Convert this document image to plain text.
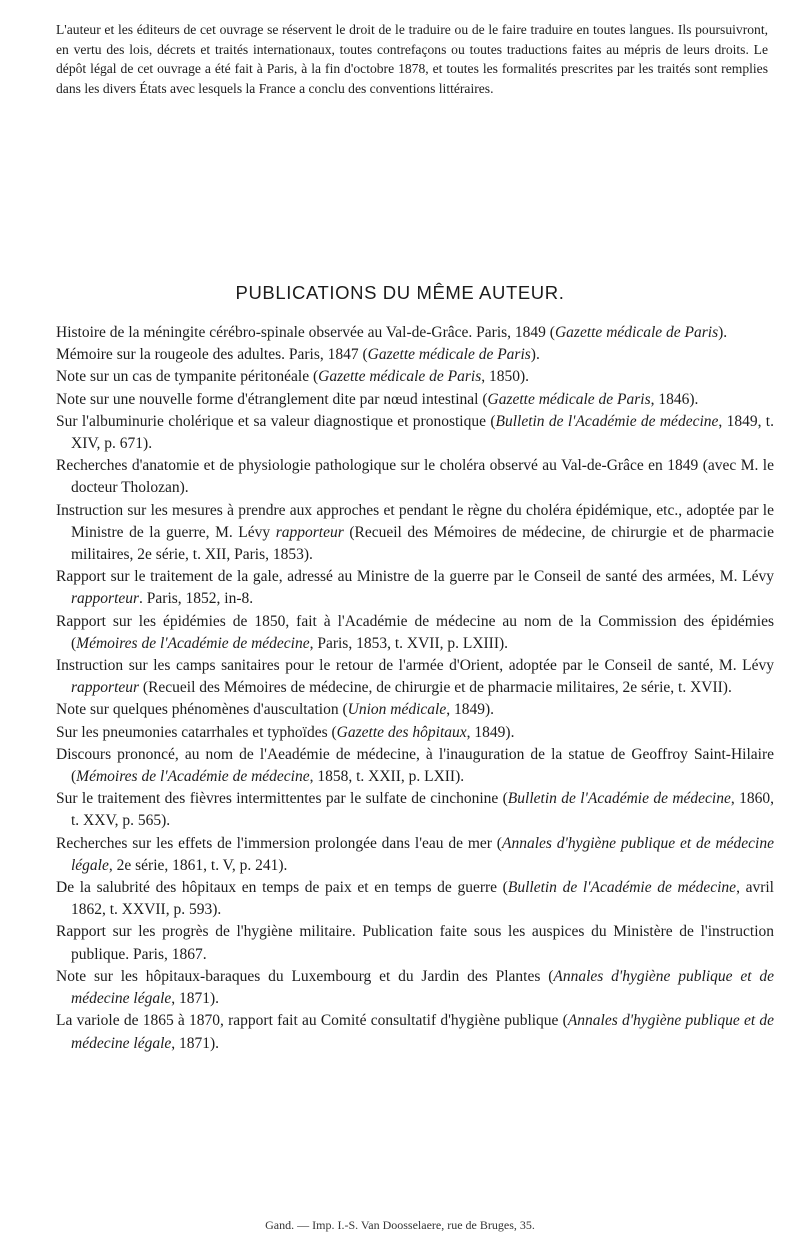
L'auteur et les éditeurs de cet ouvrage se réservent le droit de le traduire ou de le faire traduire en toutes langues. Ils poursuivront, en vertu des lois, décrets et traités internationaux, toutes contrefaçons ou toutes traductions faites au mépris de leurs droits. Le dépôt légal de cet ouvrage a été fait à Paris, à la fin d'octobre 1878, et toutes les formalités prescrites par les traités sont remplies dans les divers États avec lesquels la France a conclu des conventions littéraires.

PUBLICATIONS DU MÊME AUTEUR.
Histoire de la méningite cérébro-spinale observée au Val-de-Grâce. Paris, 1849 (Gazette médicale de Paris).
Mémoire sur la rougeole des adultes. Paris, 1847 (Gazette médicale de Paris).
Note sur un cas de tympanite péritonéale (Gazette médicale de Paris, 1850).
Note sur une nouvelle forme d'étranglement dite par nœud intestinal (Gazette médicale de Paris, 1846).
Sur l'albuminurie cholérique et sa valeur diagnostique et pronostique (Bulletin de l'Académie de médecine, 1849, t. XIV, p. 671).
Recherches d'anatomie et de physiologie pathologique sur le choléra observé au Val-de-Grâce en 1849 (avec M. le docteur Tholozan).
Instruction sur les mesures à prendre aux approches et pendant le règne du choléra épidémique, etc., adoptée par le Ministre de la guerre, M. Lévy rapporteur (Recueil des Mémoires de médecine, de chirurgie et de pharmacie militaires, 2e série, t. XII, Paris, 1853).
Rapport sur le traitement de la gale, adressé au Ministre de la guerre par le Conseil de santé des armées, M. Lévy rapporteur. Paris, 1852, in-8.
Rapport sur les épidémies de 1850, fait à l'Académie de médecine au nom de la Commission des épidémies (Mémoires de l'Académie de médecine, Paris, 1853, t. XVII, p. LXIII).
Instruction sur les camps sanitaires pour le retour de l'armée d'Orient, adoptée par le Conseil de santé, M. Lévy rapporteur (Recueil des Mémoires de médecine, de chirurgie et de pharmacie militaires, 2e série, t. XVII).
Note sur quelques phénomènes d'auscultation (Union médicale, 1849).
Sur les pneumonies catarrhales et typhoïdes (Gazette des hôpitaux, 1849).
Discours prononcé, au nom de l'Aeadémie de médecine, à l'inauguration de la statue de Geoffroy Saint-Hilaire (Mémoires de l'Académie de médecine, 1858, t. XXII, p. LXII).
Sur le traitement des fièvres intermittentes par le sulfate de cinchonine (Bulletin de l'Académie de médecine, 1860, t. XXV, p. 565).
Recherches sur les effets de l'immersion prolongée dans l'eau de mer (Annales d'hygiène publique et de médecine légale, 2e série, 1861, t. V, p. 241).
De la salubrité des hôpitaux en temps de paix et en temps de guerre (Bulletin de l'Académie de médecine, avril 1862, t. XXVII, p. 593).
Rapport sur les progrès de l'hygiène militaire. Publication faite sous les auspices du Ministère de l'instruction publique. Paris, 1867.
Note sur les hôpitaux-baraques du Luxembourg et du Jardin des Plantes (Annales d'hygiène publique et de médecine légale, 1871).
La variole de 1865 à 1870, rapport fait au Comité consultatif d'hygiène publique (Annales d'hygiène publique et de médecine légale, 1871).

Gand. — Imp. I.-S. Van Doosselaere, rue de Bruges, 35.
